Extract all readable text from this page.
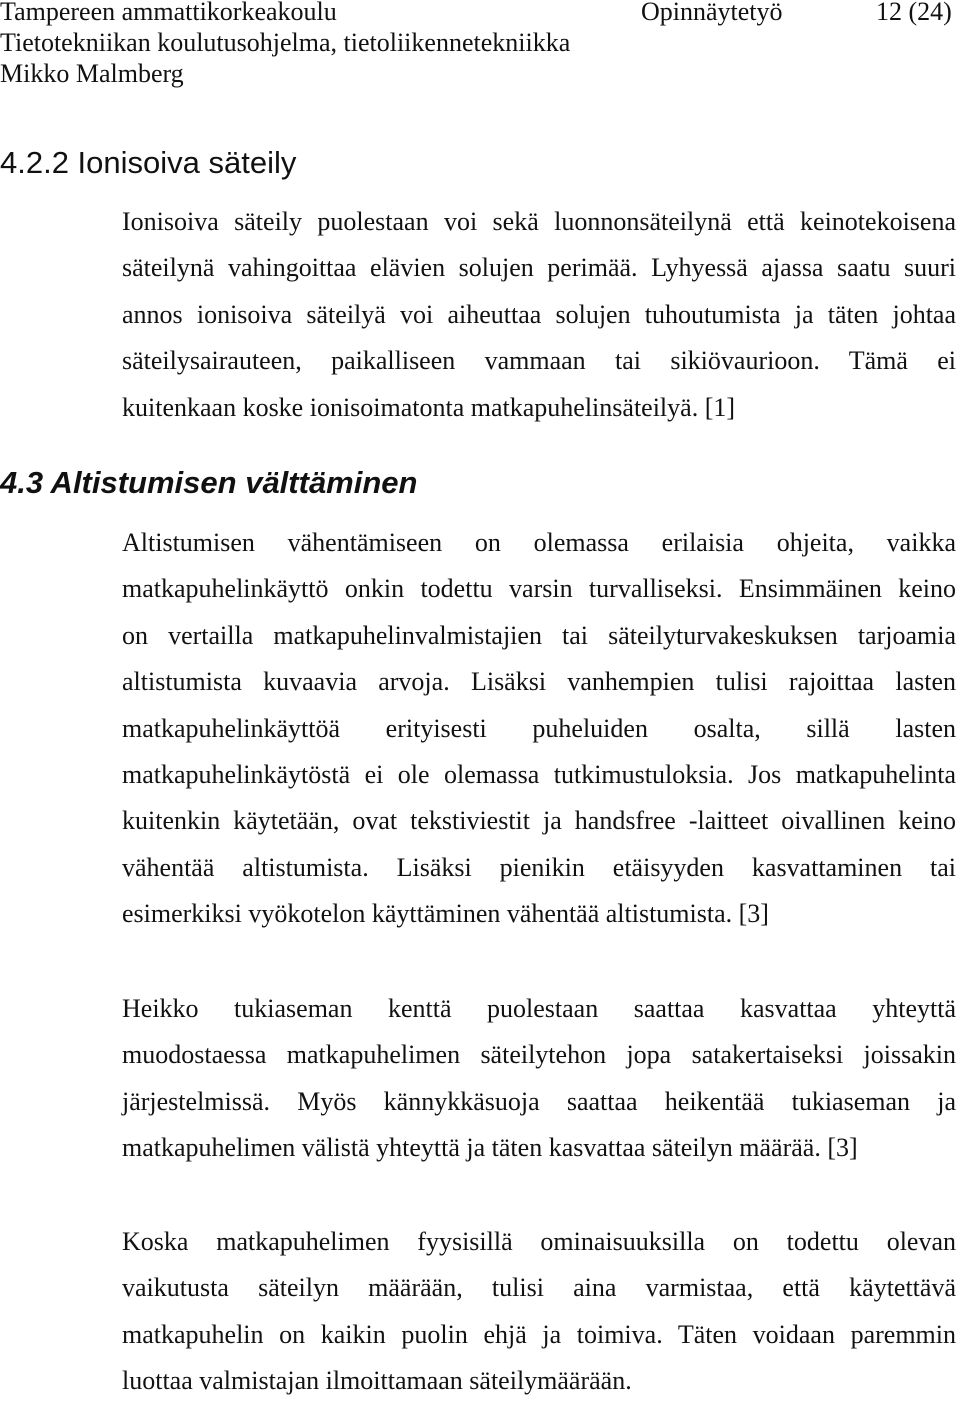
Tampereen ammattikorkeakoulu	Opinnäytetyö	12 (24)
Tietotekniikan koulutusohjelma, tietoliikennetekniikka
Mikko Malmberg
4.2.2 Ionisoiva säteily
Ionisoiva säteily puolestaan voi sekä luonnonsäteilynä että keinotekoisena
säteilynä vahingoittaa elävien solujen perimää. Lyhyessä ajassa saatu suuri
annos ionisoiva säteilyä voi aiheuttaa solujen tuhoutumista ja täten johtaa
säteilysairauteen, paikalliseen vammaan tai sikiövaurioon. Tämä ei
kuitenkaan koske ionisoimatonta matkapuhelinsäteilyä. [1]
4.3 Altistumisen välttäminen
Altistumisen vähentämiseen on olemassa erilaisia ohjeita, vaikka
matkapuhelinkäyttö onkin todettu varsin turvalliseksi. Ensimmäinen keino
on vertailla matkapuhelinvalmistajien tai säteilyturvakeskuksen tarjoamia
altistumista kuvaavia arvoja. Lisäksi vanhempien tulisi rajoittaa lasten
matkapuhelinkäyttöä erityisesti puheluiden osalta, sillä lasten
matkapuhelinkäytöstä ei ole olemassa tutkimustuloksia. Jos matkapuhelinta
kuitenkin käytetään, ovat tekstiviestit ja handsfree -laitteet oivallinen keino
vähentää altistumista. Lisäksi pienikin etäisyyden kasvattaminen tai
esimerkiksi vyökotelon käyttäminen vähentää altistumista. [3]
Heikko tukiaseman kenttä puolestaan saattaa kasvattaa yhteyttä
muodostaessa matkapuhelimen säteilytehon jopa satakertaiseksi joissakin
järjestelmissä. Myös kännykkäsuoja saattaa heikentää tukiaseman ja
matkapuhelimen välistä yhteyttä ja täten kasvattaa säteilyn määrää. [3]
Koska matkapuhelimen fyysisillä ominaisuuksilla on todettu olevan
vaikutusta säteilyn määrään, tulisi aina varmistaa, että käytettävä
matkapuhelin on kaikin puolin ehjä ja toimiva. Täten voidaan paremmin
luottaa valmistajan ilmoittamaan säteilymäärään.
